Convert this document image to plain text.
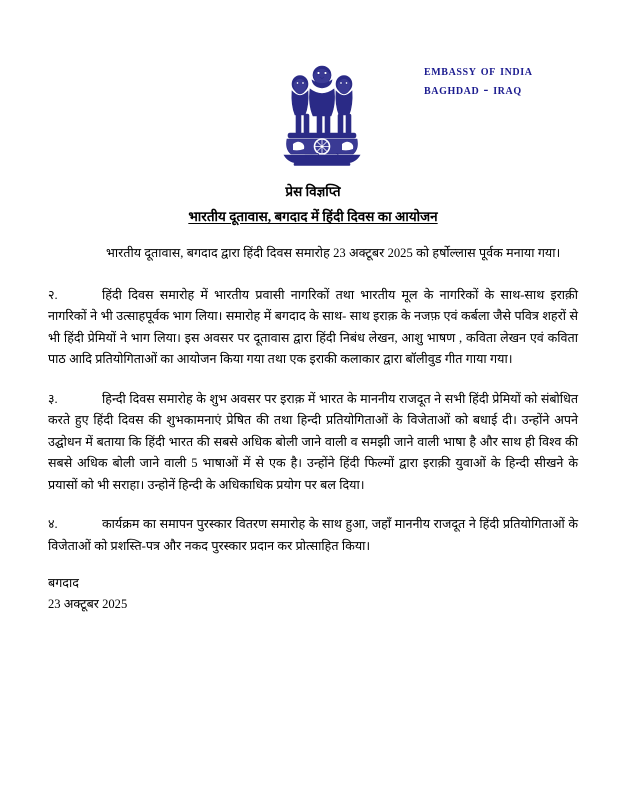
सत्यमेव जयते
embassy of india
baghdad - iraq
प्रेस विज्ञप्ति
भारतीय दूतावास, बगदाद में हिंदी दिवस का आयोजन

भारतीय दूतावास, बगदाद द्वारा हिंदी दिवस समारोह 23 अक्टूबर 2025 को हर्षोल्लास पूर्वक मनाया गया।

२.	हिंदी दिवस समारोह में भारतीय प्रवासी नागरिकों तथा भारतीय मूल के नागरिकों के साथ-साथ इराक़ी नागरिकों ने भी उत्साहपूर्वक भाग लिया। समारोह में बगदाद के साथ- साथ इराक़ के नजफ़ एवं कर्बला जैसे पवित्र शहरों से भी हिंदी प्रेमियों ने भाग लिया। इस अवसर पर दूतावास द्वारा हिंदी निबंध लेखन, आशु भाषण , कविता लेखन एवं कविता पाठ आदि प्रतियोगिताओं का आयोजन किया गया तथा एक इराकी कलाकार द्वारा बॉलीवुड गीत गाया गया।

३.	हिन्दी दिवस समारोह के शुभ अवसर पर इराक़ में भारत के माननीय राजदूत ने सभी हिंदी प्रेमियों को संबोधित करते हुए हिंदी दिवस की शुभकामनाएं प्रेषित की तथा हिन्दी प्रतियोगिताओं के विजेताओं को बधाई दी। उन्होंने अपने उद्घोधन में बताया कि हिंदी भारत की सबसे अधिक बोली जाने वाली व समझी जाने वाली भाषा है और साथ ही विश्व की सबसे अधिक बोली जाने वाली 5 भाषाओं में से एक है। उन्होंने हिंदी फिल्मों द्वारा इराक़ी युवाओं के हिन्दी सीखने के प्रयासों को भी सराहा। उन्होनें हिन्दी के अधिकाधिक प्रयोग पर बल दिया।

४.	कार्यक्रम का समापन पुरस्कार वितरण समारोह के साथ हुआ, जहाँ माननीय राजदूत ने हिंदी प्रतियोगिताओं के विजेताओं को प्रशस्ति-पत्र और नकद पुरस्कार प्रदान कर प्रोत्साहित किया।

बगदाद
23 अक्टूबर 2025
